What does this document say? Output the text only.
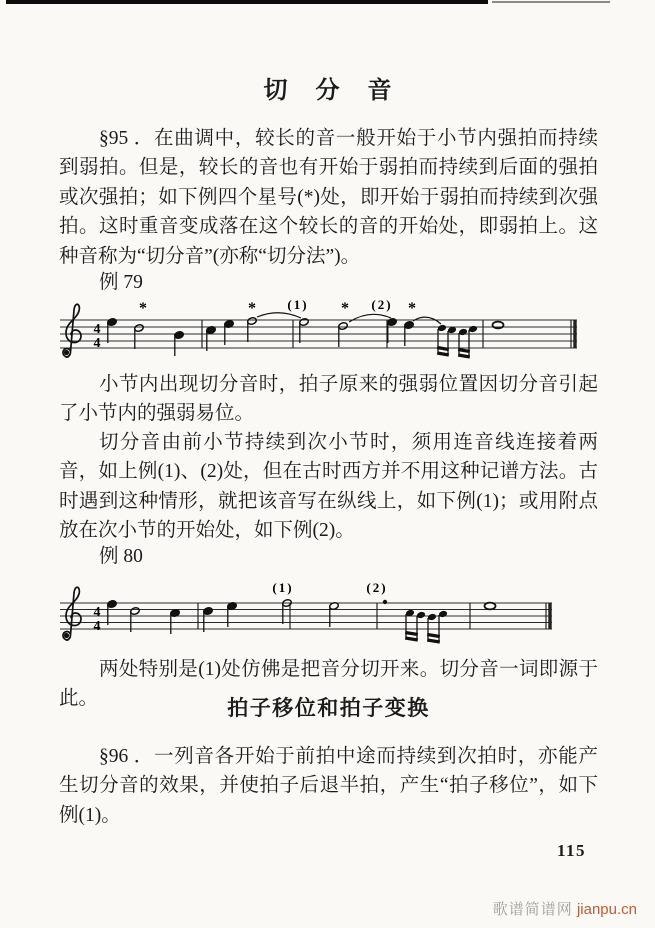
切　分　音

§95 ．在曲调中，较长的音一般开始于小节内强拍而持续到弱拍。但是，较长的音也有开始于弱拍而持续到后面的强拍或次强拍；如下例四个星号(*)处，即开始于弱拍而持续到次强拍。这时重音变成落在这个较长的音的开始处，即弱拍上。这种音称为“切分音”(亦称“切分法”)。

例 79

4
4
*	* (1) * (2) *

小节内出现切分音时，拍子原来的强弱位置因切分音引起了小节内的强弱易位。

切分音由前小节持续到次小节时，须用连音线连接着两音，如上例(1)、(2)处，但在古时西方并不用这种记谱方法。古时遇到这种情形，就把该音写在纵线上，如下例(1)；或用附点放在次小节的开始处，如下例(2)。

例 80

4
4
(1)	(2)

两处特别是(1)处仿佛是把音分切开来。切分音一词即源于此。	拍子移位和拍子变换

§96 ．一列音各开始于前拍中途而持续到次拍时，亦能产生切分音的效果，并使拍子后退半拍，产生“拍子移位”，如下例(1)。

115
歌谱简谱网 jianpu.cn
